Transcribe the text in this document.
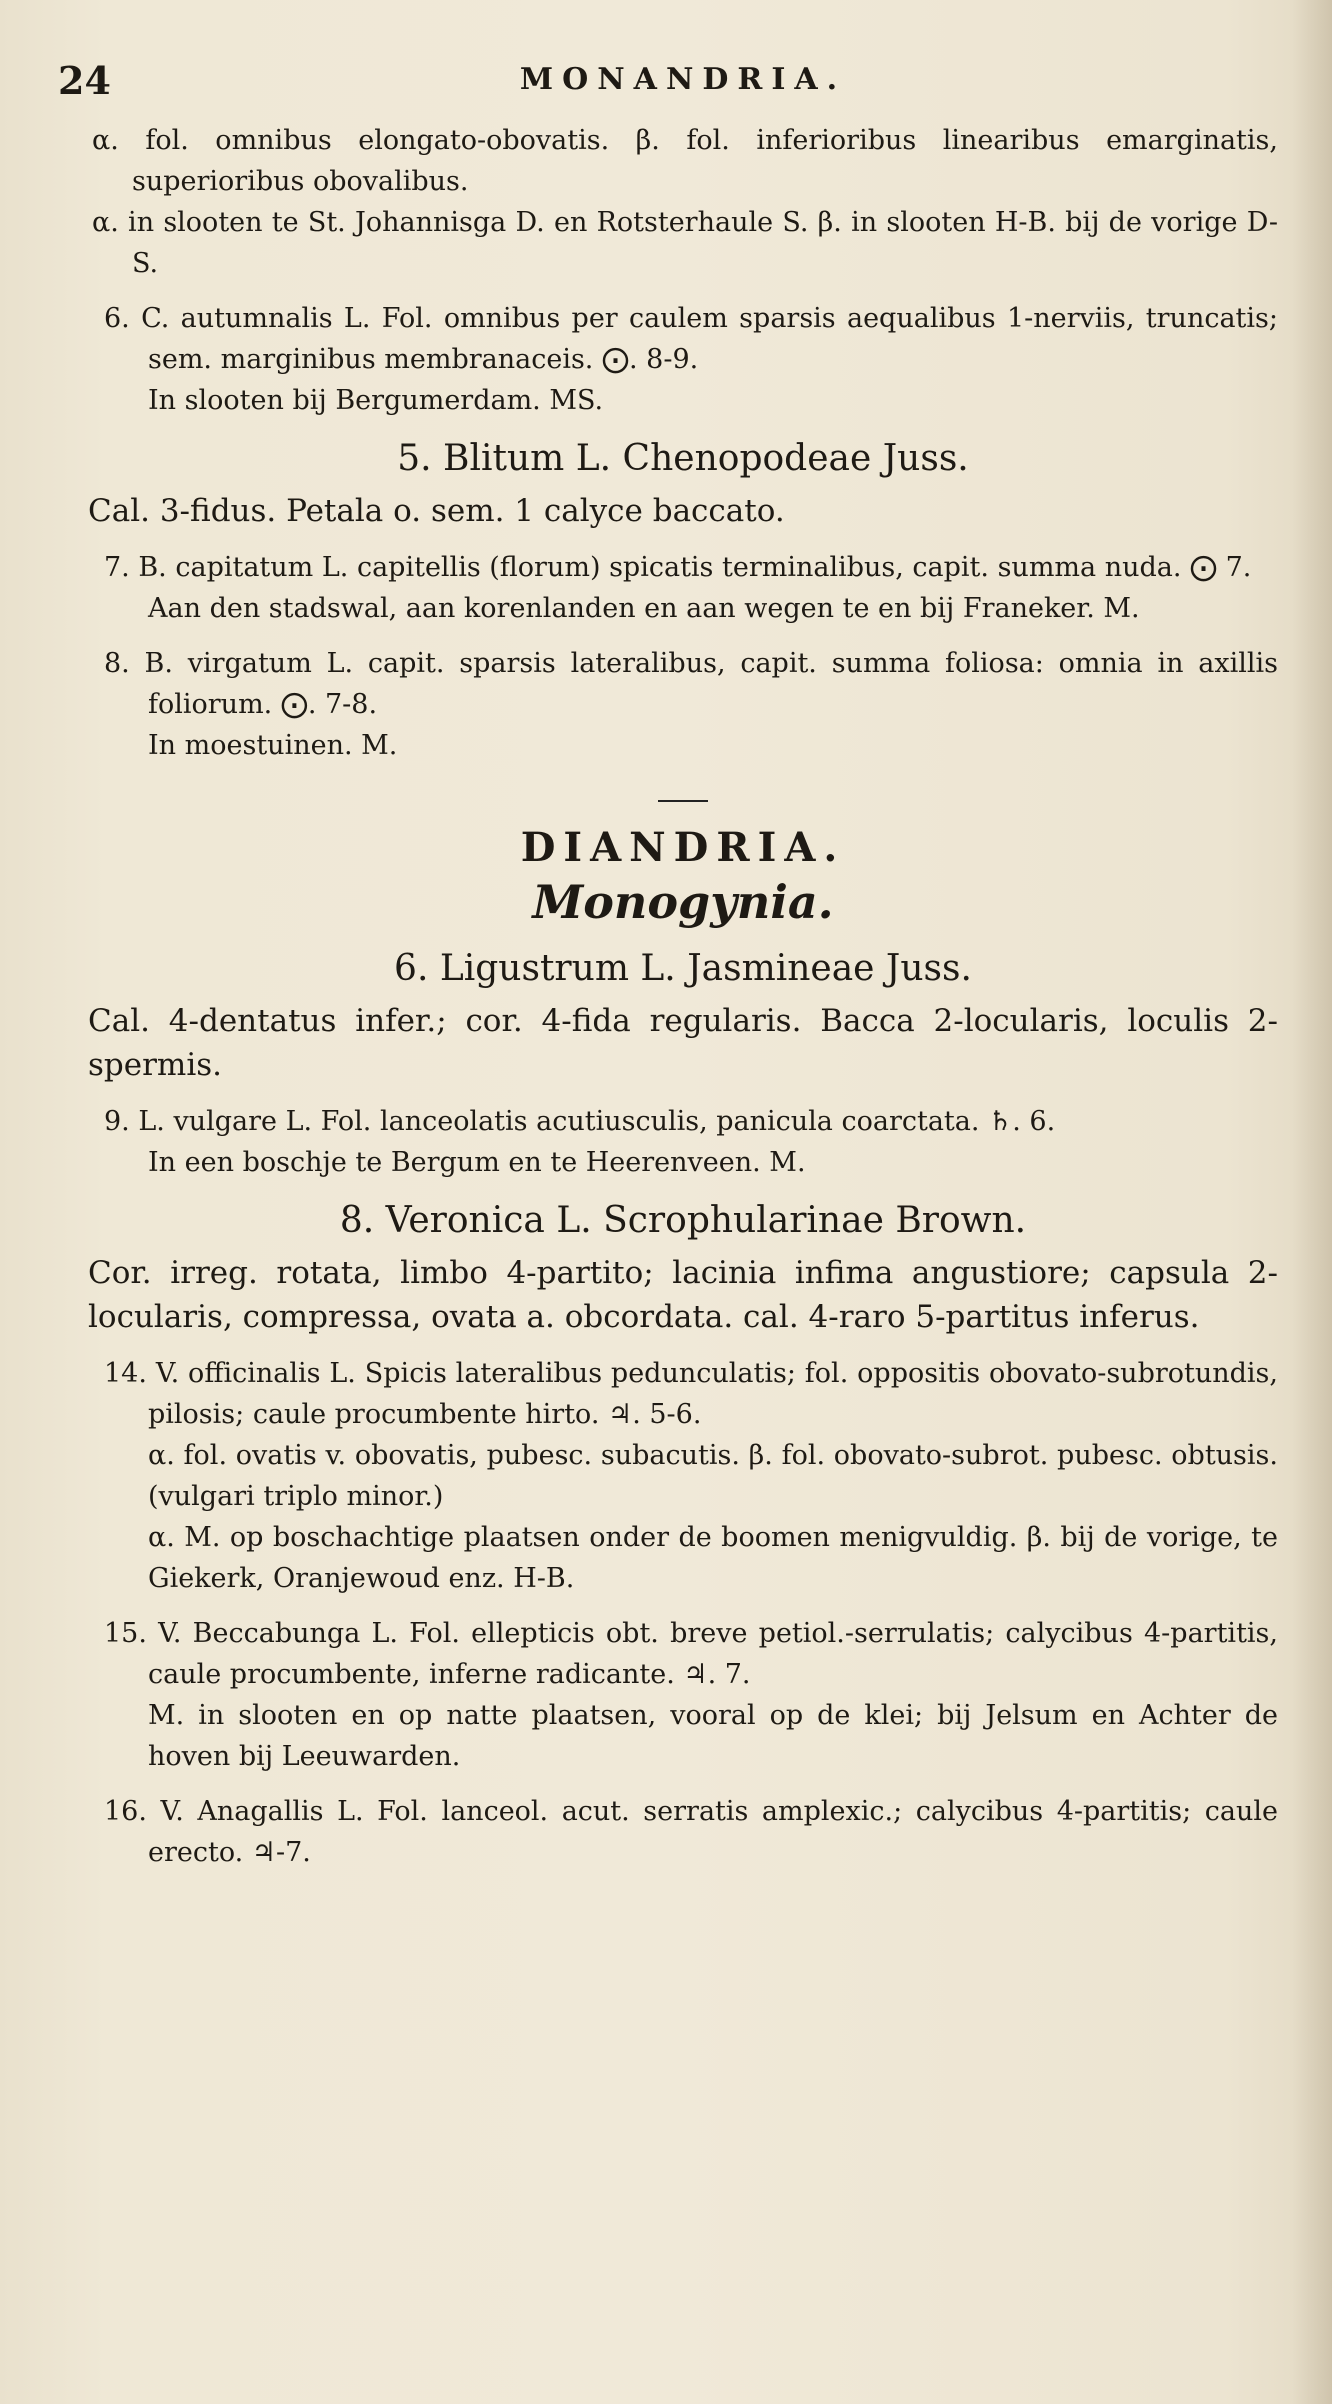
24	MONANDRIA.

α. fol. omnibus elongato-obovatis. β. fol. inferioribus linearibus emarginatis, superioribus obovalibus.

α. in slooten te St. Johannisga D. en Rotsterhaule S. β. in slooten H-B. bij de vorige D-S.

6. C. autumnalis L. Fol. omnibus per caulem sparsis aequalibus 1-nerviis, truncatis; sem. marginibus membranaceis. ⨀. 8-9.

In slooten bij Bergumerdam. MS.

5. Blitum L. Chenopodeae Juss.

Cal. 3-fidus. Petala o. sem. 1 calyce baccato.

7. B. capitatum L. capitellis (florum) spicatis terminalibus, capit. summa nuda. ⨀ 7.

Aan den stadswal, aan korenlanden en aan wegen te en bij Franeker. M.

8. B. virgatum L. capit. sparsis lateralibus, capit. summa foliosa: omnia in axillis foliorum. ⨀. 7-8.

In moestuinen. M.

DIANDRIA.
Monogynia.
6. Ligustrum L. Jasmineae Juss.

Cal. 4-dentatus infer.; cor. 4-fida regularis. Bacca 2-locularis, loculis 2-spermis.

9. L. vulgare L. Fol. lanceolatis acutiusculis, panicula coarctata. ♄. 6.

In een boschje te Bergum en te Heerenveen. M.

8. Veronica L. Scrophularinae Brown.

Cor. irreg. rotata, limbo 4-partito; lacinia infima angustiore; capsula 2-locularis, compressa, ovata a. obcordata. cal. 4-raro 5-partitus inferus.

14. V. officinalis L. Spicis lateralibus pedunculatis; fol. oppositis obovato-subrotundis, pilosis; caule procumbente hirto. ♃. 5-6.

α. fol. ovatis v. obovatis, pubesc. subacutis. β. fol. obovato-subrot. pubesc. obtusis. (vulgari triplo minor.)

α. M. op boschachtige plaatsen onder de boomen menigvuldig. β. bij de vorige, te Giekerk, Oranjewoud enz. H-B.

15. V. Beccabunga L. Fol. ellepticis obt. breve petiol.-serrulatis; calycibus 4-partitis, caule procumbente, inferne radicante. ♃. 7.

M. in slooten en op natte plaatsen, vooral op de klei; bij Jelsum en Achter de hoven bij Leeuwarden.

16. V. Anagallis L. Fol. lanceol. acut. serratis amplexic.; calycibus 4-partitis; caule erecto. ♃-7.
